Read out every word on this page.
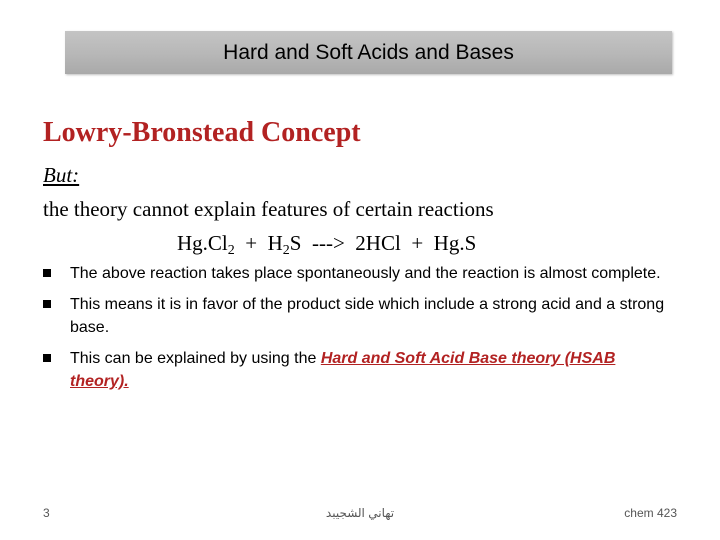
Hard and Soft Acids and Bases
Lowry-Bronstead Concept
But:
the theory cannot explain features of certain reactions
$Hg.Cl_2 + H_2S$  --->  2HCl  +  Hg.S
The above reaction takes place spontaneously and the reaction is almost complete.
This means it is in favor of the product side which include a strong acid and a strong base.
This can be explained by using the Hard and Soft Acid Base theory (HSAB theory).
3	تهاني الشجيبد	chem 423
